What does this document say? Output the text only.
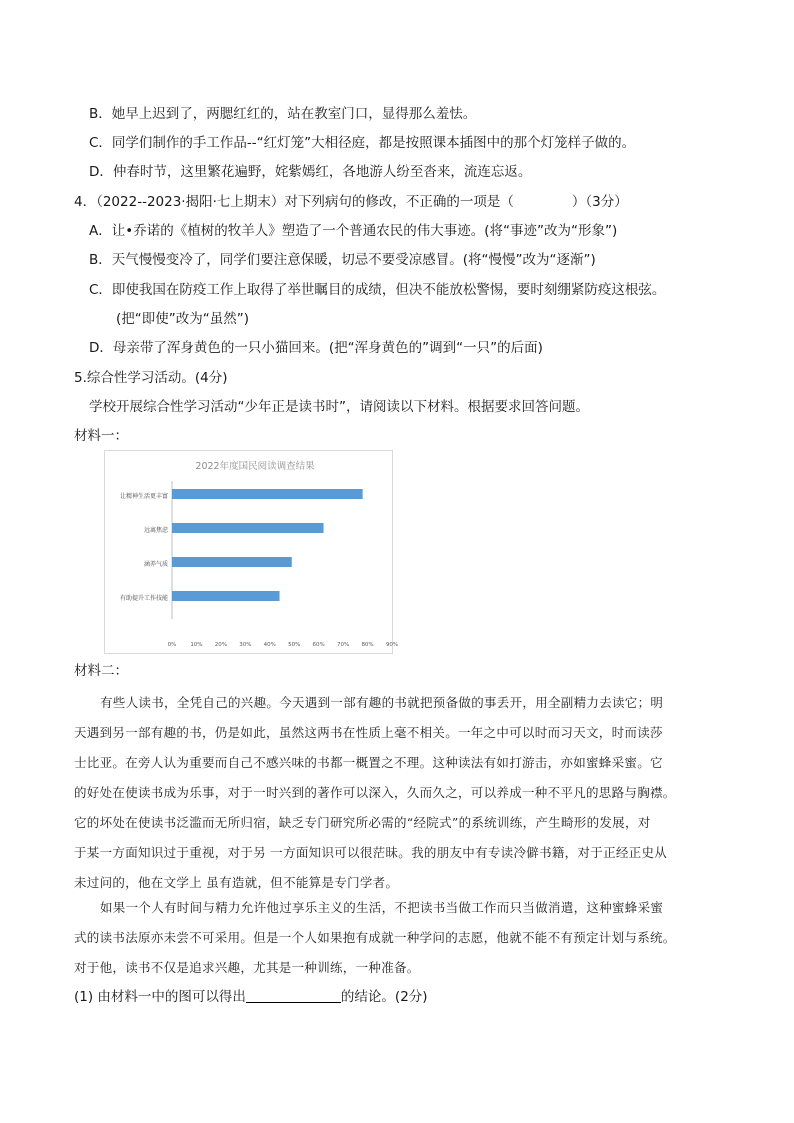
B．她早上迟到了，两腮红红的，站在教室门口，显得那么羞怯。
C．同学们制作的手工作品--“红灯笼”大相径庭，都是按照课本插图中的那个灯笼样子做的。
D．仲春时节，这里繁花遍野，姹紫嫣红，各地游人纷至沓来，流连忘返。
4．（2022--2023·揭阳·七上期末）对下列病句的修改，不正确的一项是（	）（3分）
A．让•乔诺的《植树的牧羊人》塑造了一个普通农民的伟大事迹。(将“事迹”改为“形象”)
B．天气慢慢变冷了，同学们要注意保暖，切忌不要受凉感冒。(将“慢慢”改为“逐渐”)
C．即使我国在防疫工作上取得了举世瞩目的成绩，但决不能放松警惕，要时刻绷紧防疫这根弦。
(把“即使”改为“虽然”)
D．母亲带了浑身黄色的一只小猫回来。(把“浑身黄色的”调到“一只”的后面)
5.综合性学习活动。(4分)
学校开展综合性学习活动“少年正是读书时”，请阅读以下材料。根据要求回答问题。
材料一：
2022年度国民阅读调查结果
让精神生活更丰富
远离焦虑
涵养气质
有助提升工作技能
0%	10% 20% 30% 40% 50% 60% 70% 80% 90%
材料二：
有些人读书，全凭自己的兴趣。今天遇到一部有趣的书就把预备做的事丢开，用全副精力去读它；明
天遇到另一部有趣的书，仍是如此，虽然这两书在性质上毫不相关。一年之中可以时而习天文，时而读莎
士比亚。在旁人认为重要而自己不感兴味的书都一概置之不理。这种读法有如打游击，亦如蜜蜂采蜜。它
的好处在使读书成为乐事，对于一时兴到的著作可以深入，久而久之，可以养成一种不平凡的思路与胸襟。
它的坏处在使读书泛滥而无所归宿，缺乏专门研究所必需的“经院式”的系统训练，产生畸形的发展，对
于某一方面知识过于重视，对于另 一方面知识可以很茫昧。我的朋友中有专读冷僻书籍，对于正经正史从
未过问的，他在文学上 虽有造就，但不能算是专门学者。
如果一个人有时间与精力允许他过享乐主义的生活，不把读书当做工作而只当做消遣，这种蜜蜂采蜜
式的读书法原亦未尝不可采用。但是一个人如果抱有成就一种学问的志愿，他就不能不有预定计划与系统。
对于他，读书不仅是追求兴趣，尤其是一种训练，一种准备。
(1) 由材料一中的图可以得出	的结论。(2分)
